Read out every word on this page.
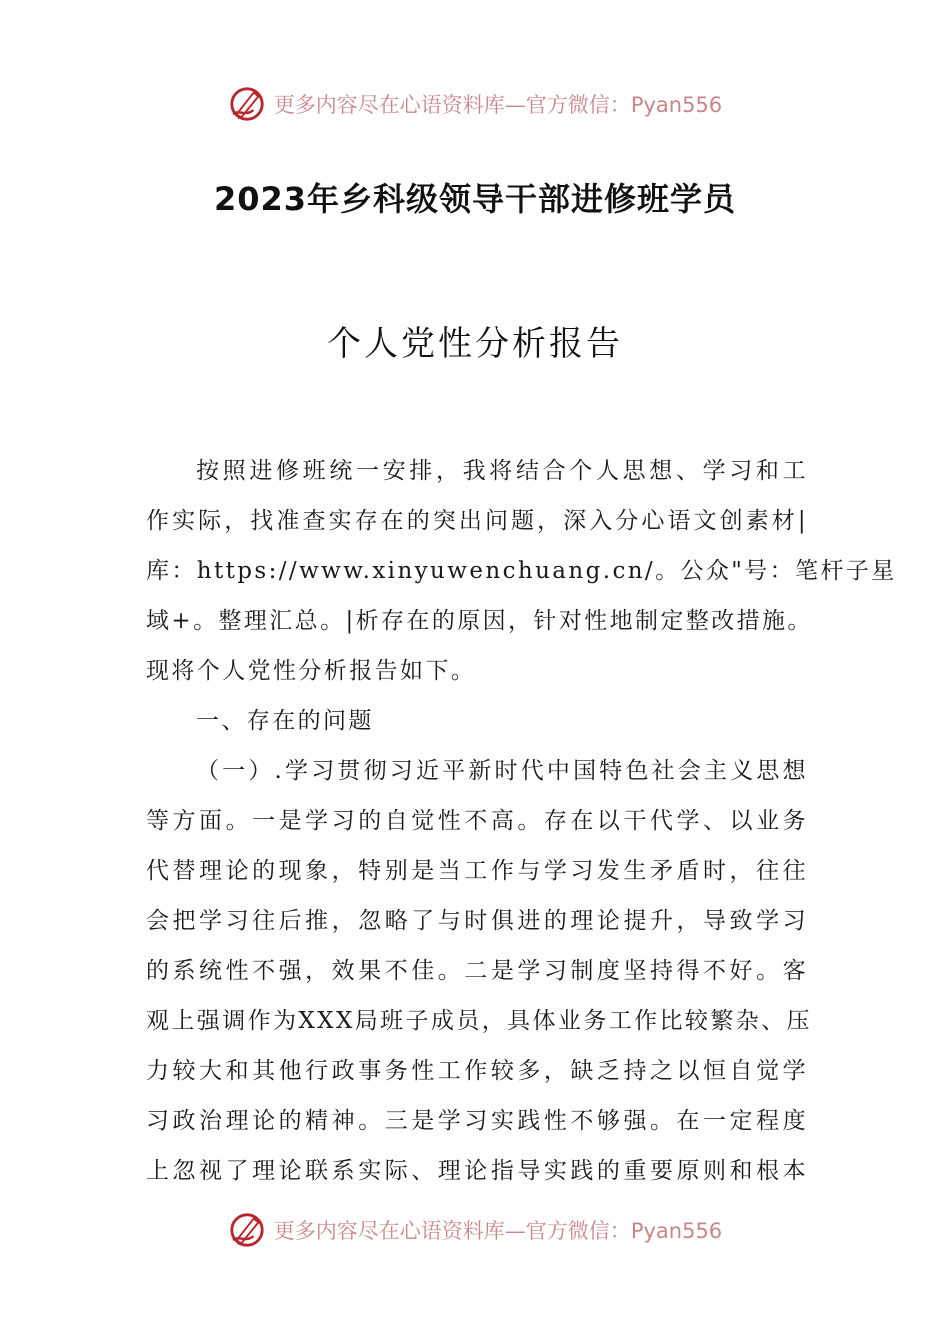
更多内容尽在心语资料库—官方微信：Pyan556
2023年乡科级领导干部进修班学员
个人党性分析报告
按照进修班统一安排，我将结合个人思想、学习和工
作实际，找准查实存在的突出问题，深入分心语文创素材|
库：https://www.xinyuwenchuang.cn/。公众"号：笔杆子星
域+。整理汇总。|析存在的原因，针对性地制定整改措施。
现将个人党性分析报告如下。
一、存在的问题
（一）.学习贯彻习近平新时代中国特色社会主义思想
等方面。一是学习的自觉性不高。存在以干代学、以业务
代替理论的现象，特别是当工作与学习发生矛盾时，往往
会把学习往后推，忽略了与时俱进的理论提升，导致学习
的系统性不强，效果不佳。二是学习制度坚持得不好。客
观上强调作为XXX局班子成员，具体业务工作比较繁杂、压
力较大和其他行政事务性工作较多，缺乏持之以恒自觉学
习政治理论的精神。三是学习实践性不够强。在一定程度
上忽视了理论联系实际、理论指导实践的重要原则和根本
更多内容尽在心语资料库—官方微信：Pyan556
